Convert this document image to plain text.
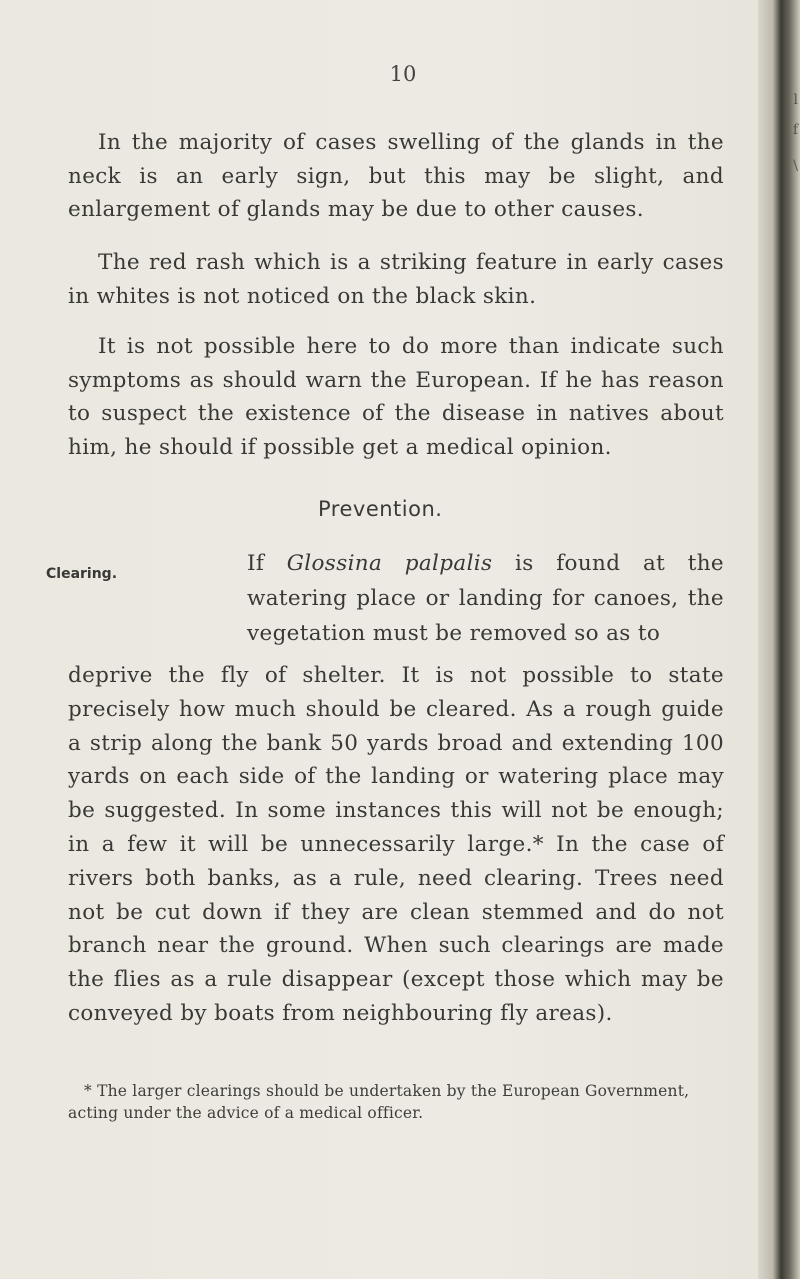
l
f
\
10

In the majority of cases swelling of the glands in the neck is an early sign, but this may be slight, and enlargement of glands may be due to other causes.

The red rash which is a striking feature in early cases in whites is not noticed on the black skin.

It is not possible here to do more than indicate such symptoms as should warn the European. If he has reason to suspect the existence of the disease in natives about him, he should if possible get a medical opinion.

Prevention.
Clearing.	If Glossina palpalis is found at the watering place or landing for canoes, the vegetation must be removed so as to

deprive the fly of shelter. It is not possible to state precisely how much should be cleared. As a rough guide a strip along the bank 50 yards broad and extending 100 yards on each side of the landing or watering place may be suggested. In some instances this will not be enough; in a few it will be unnecessarily large.* In the case of rivers both banks, as a rule, need clearing. Trees need not be cut down if they are clean stemmed and do not branch near the ground. When such clearings are made the flies as a rule disappear (except those which may be conveyed by boats from neighbouring fly areas).

* The larger clearings should be undertaken by the European Government, acting under the advice of a medical officer.
